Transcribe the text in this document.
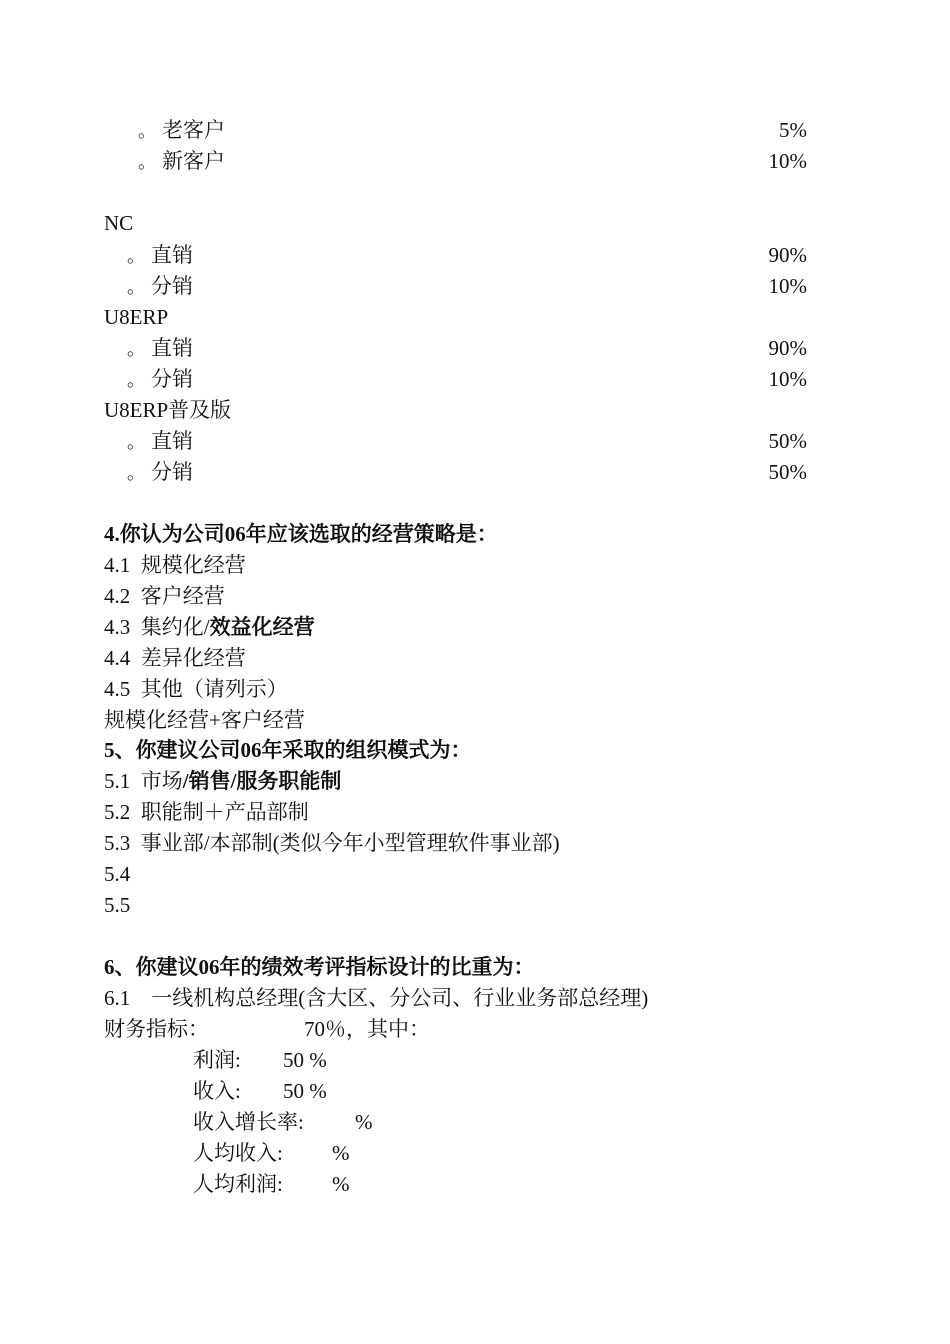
。 老客户	5%
。 新客户	10%
NC
。 直销	90%
。 分销	10%
U8ERP
。 直销	90%
。 分销	10%
U8ERP普及版
。 直销	50%
。 分销	50%
4.你认为公司06年应该选取的经营策略是：
4.1 规模化经营
4.2 客户经营
4.3 集约化/效益化经营
4.4 差异化经营
4.5 其他（请列示）
规模化经营+客户经营
5、你建议公司06年采取的组织模式为：
5.1 市场/销售/服务职能制
5.2 职能制＋产品部制
5.3 事业部/本部制(类似今年小型管理软件事业部)
5.4
5.5
6、你建议06年的绩效考评指标设计的比重为：
6.1 一线机构总经理(含大区、分公司、行业业务部总经理)
财务指标：	70％，其中：
利润: 50 %
收入: 50 %
收入增长率: %
人均收入: %
人均利润: %
